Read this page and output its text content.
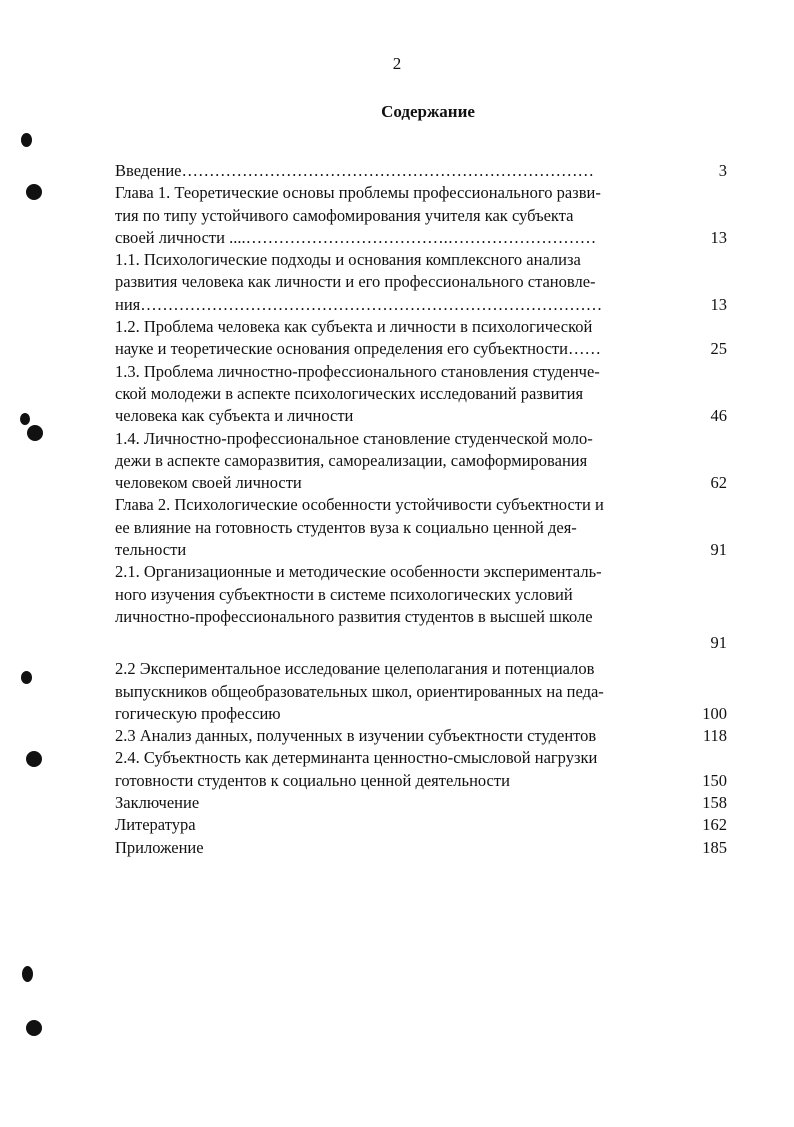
2
Содержание
Введение…………………………………………………………………	3
Глава 1. Теоретические основы проблемы профессионального разви-
тия по типу устойчивого самофомирования учителя как субъекта
своей личности ....……………………………….………………………	13
1.1. Психологические подходы и основания комплексного анализа
развития человека как личности и его профессионального становле-
ния…………………………………………………………………………	13
1.2. Проблема человека как субъекта и личности в психологической
науке и теоретические основания определения его субъектности……	25
1.3. Проблема личностно-профессионального становления студенче-
ской молодежи в аспекте психологических исследований развития
человека как субъекта и личности	46
1.4. Личностно-профессиональное становление студенческой моло-
дежи в аспекте саморазвития, самореализации, самоформирования
человеком своей личности	62
Глава 2. Психологические особенности устойчивости субъектности и
ее влияние на готовность студентов вуза к социально ценной дея-
тельности	91
2.1. Организационные и методические особенности эксперименталь-
ного изучения субъектности в системе психологических условий
личностно-профессионального развития студентов в высшей школе
91
2.2 Экспериментальное исследование целеполагания и потенциалов
выпускников общеобразовательных школ, ориентированных на педа-
гогическую профессию	100
2.3 Анализ данных, полученных в изучении субъектности студентов	118
2.4. Субъектность как детерминанта ценностно-смысловой нагрузки
готовности студентов к социально ценной деятельности	150
Заключение	158
Литература	162
Приложение	185
